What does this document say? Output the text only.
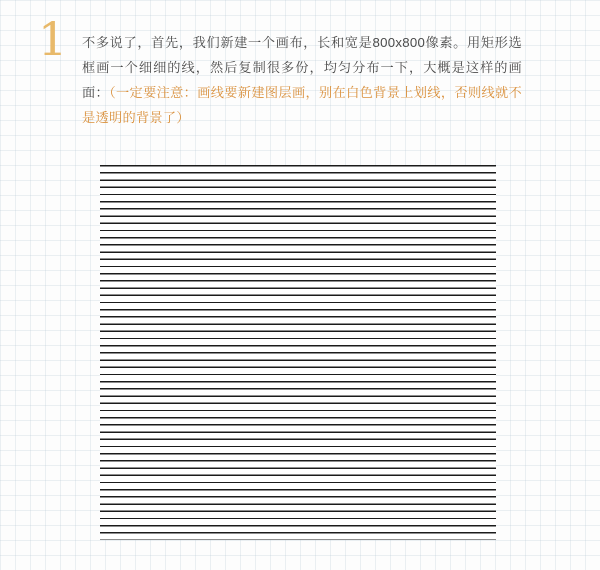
1 不多说了，首先，我们新建一个画布，长和宽是800x800像素。用矩形选框画一个细细的线，然后复制很多份，均匀分布一下，大概是这样的画面：（一定要注意：画线要新建图层画，别在白色背景上划线，否则线就不是透明的背景了）
